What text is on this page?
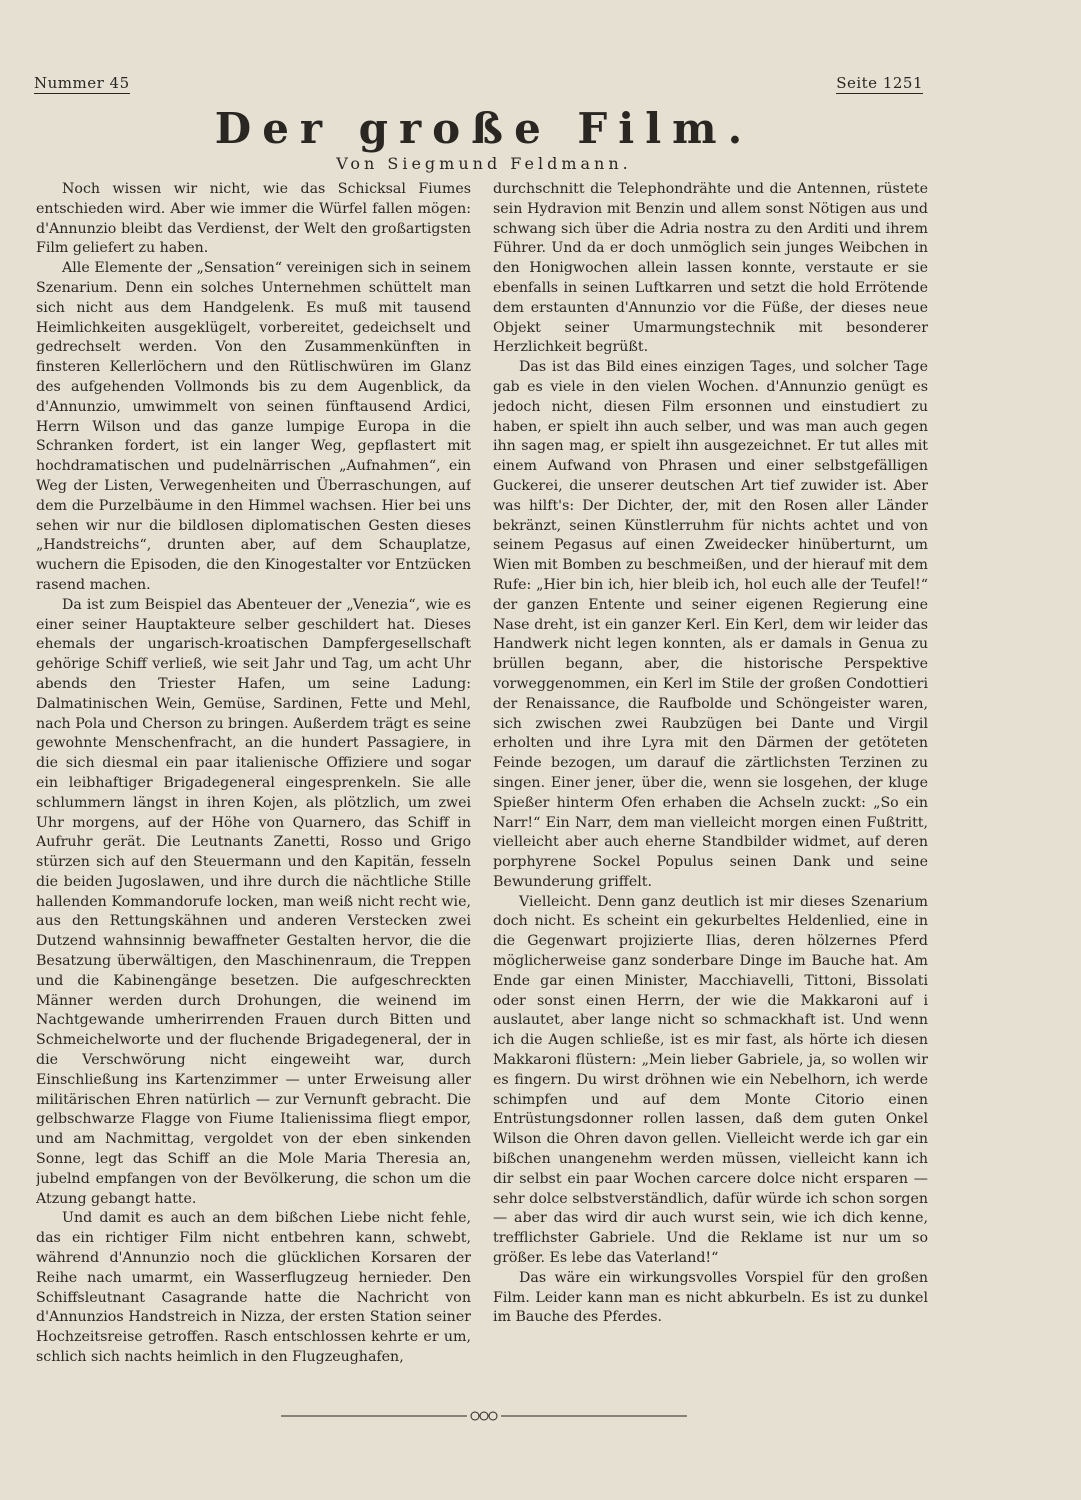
Nummer 45	Seite 1251
Der große Film.
Von Siegmund Feldmann.

Noch wissen wir nicht, wie das Schicksal Fiumes entschieden wird. Aber wie immer die Würfel fallen mögen: d'Annunzio bleibt das Verdienst, der Welt den großartigsten Film geliefert zu haben.

Alle Elemente der „Sensation“ vereinigen sich in seinem Szenarium. Denn ein solches Unternehmen schüttelt man sich nicht aus dem Handgelenk. Es muß mit tausend Heimlichkeiten ausgeklügelt, vorbereitet, gedeichselt und gedrechselt werden. Von den Zusammenkünften in finsteren Kellerlöchern und den Rütlischwüren im Glanz des aufgehenden Vollmonds bis zu dem Augenblick, da d'Annunzio, umwimmelt von seinen fünftausend Ardici, Herrn Wilson und das ganze lumpige Europa in die Schranken fordert, ist ein langer Weg, gepflastert mit hochdramatischen und pudelnärrischen „Aufnahmen“, ein Weg der Listen, Verwegenheiten und Überraschungen, auf dem die Purzelbäume in den Himmel wachsen. Hier bei uns sehen wir nur die bildlosen diplomatischen Gesten dieses „Handstreichs“, drunten aber, auf dem Schauplatze, wuchern die Episoden, die den Kinogestalter vor Entzücken rasend machen.

Da ist zum Beispiel das Abenteuer der „Venezia“, wie es einer seiner Hauptakteure selber geschildert hat. Dieses ehemals der ungarisch-kroatischen Dampfergesellschaft gehörige Schiff verließ, wie seit Jahr und Tag, um acht Uhr abends den Triester Hafen, um seine Ladung: Dalmatinischen Wein, Gemüse, Sardinen, Fette und Mehl, nach Pola und Cherson zu bringen. Außerdem trägt es seine gewohnte Menschenfracht, an die hundert Passagiere, in die sich diesmal ein paar italienische Offiziere und sogar ein leibhaftiger Brigadegeneral eingesprenkeln. Sie alle schlummern längst in ihren Kojen, als plötzlich, um zwei Uhr morgens, auf der Höhe von Quarnero, das Schiff in Aufruhr gerät. Die Leutnants Zanetti, Rosso und Grigo stürzen sich auf den Steuermann und den Kapitän, fesseln die beiden Jugoslawen, und ihre durch die nächtliche Stille hallenden Kommandorufe locken, man weiß nicht recht wie, aus den Rettungskähnen und anderen Verstecken zwei Dutzend wahnsinnig bewaffneter Gestalten hervor, die die Besatzung überwältigen, den Maschinenraum, die Treppen und die Kabinengänge besetzen. Die aufgeschreckten Männer werden durch Drohungen, die weinend im Nachtgewande umherirrenden Frauen durch Bitten und Schmeichelworte und der fluchende Brigadegeneral, der in die Verschwörung nicht eingeweiht war, durch Einschließung ins Kartenzimmer — unter Erweisung aller militärischen Ehren natürlich — zur Vernunft gebracht. Die gelbschwarze Flagge von Fiume Italienissima fliegt empor, und am Nachmittag, vergoldet von der eben sinkenden Sonne, legt das Schiff an die Mole Maria Theresia an, jubelnd empfangen von der Bevölkerung, die schon um die Atzung gebangt hatte.

Und damit es auch an dem bißchen Liebe nicht fehle, das ein richtiger Film nicht entbehren kann, schwebt, während d'Annunzio noch die glücklichen Korsaren der Reihe nach umarmt, ein Wasserflugzeug hernieder. Den Schiffsleutnant Casagrande hatte die Nachricht von d'Annunzios Handstreich in Nizza, der ersten Station seiner Hochzeitsreise getroffen. Rasch entschlossen kehrte er um, schlich sich nachts heimlich in den Flugzeughafen,

durchschnitt die Telephondrähte und die Antennen, rüstete sein Hydravion mit Benzin und allem sonst Nötigen aus und schwang sich über die Adria nostra zu den Arditi und ihrem Führer. Und da er doch unmöglich sein junges Weibchen in den Honigwochen allein lassen konnte, verstaute er sie ebenfalls in seinen Luftkarren und setzt die hold Errötende dem erstaunten d'Annunzio vor die Füße, der dieses neue Objekt seiner Umarmungstechnik mit besonderer Herzlichkeit begrüßt.

Das ist das Bild eines einzigen Tages, und solcher Tage gab es viele in den vielen Wochen. d'Annunzio genügt es jedoch nicht, diesen Film ersonnen und einstudiert zu haben, er spielt ihn auch selber, und was man auch gegen ihn sagen mag, er spielt ihn ausgezeichnet. Er tut alles mit einem Aufwand von Phrasen und einer selbstgefälligen Guckerei, die unserer deutschen Art tief zuwider ist. Aber was hilft's: Der Dichter, der, mit den Rosen aller Länder bekränzt, seinen Künstlerruhm für nichts achtet und von seinem Pegasus auf einen Zweidecker hinüberturnt, um Wien mit Bomben zu beschmeißen, und der hierauf mit dem Rufe: „Hier bin ich, hier bleib ich, hol euch alle der Teufel!“ der ganzen Entente und seiner eigenen Regierung eine Nase dreht, ist ein ganzer Kerl. Ein Kerl, dem wir leider das Handwerk nicht legen konnten, als er damals in Genua zu brüllen begann, aber, die historische Perspektive vorweggenommen, ein Kerl im Stile der großen Condottieri der Renaissance, die Raufbolde und Schöngeister waren, sich zwischen zwei Raubzügen bei Dante und Virgil erholten und ihre Lyra mit den Därmen der getöteten Feinde bezogen, um darauf die zärtlichsten Terzinen zu singen. Einer jener, über die, wenn sie losgehen, der kluge Spießer hinterm Ofen erhaben die Achseln zuckt: „So ein Narr!“ Ein Narr, dem man vielleicht morgen einen Fußtritt, vielleicht aber auch eherne Standbilder widmet, auf deren porphyrene Sockel Populus seinen Dank und seine Bewunderung griffelt.

Vielleicht. Denn ganz deutlich ist mir dieses Szenarium doch nicht. Es scheint ein gekurbeltes Heldenlied, eine in die Gegenwart projizierte Ilias, deren hölzernes Pferd möglicherweise ganz sonderbare Dinge im Bauche hat. Am Ende gar einen Minister, Macchiavelli, Tittoni, Bissolati oder sonst einen Herrn, der wie die Makkaroni auf i auslautet, aber lange nicht so schmackhaft ist. Und wenn ich die Augen schließe, ist es mir fast, als hörte ich diesen Makkaroni flüstern: „Mein lieber Gabriele, ja, so wollen wir es fingern. Du wirst dröhnen wie ein Nebelhorn, ich werde schimpfen und auf dem Monte Citorio einen Entrüstungsdonner rollen lassen, daß dem guten Onkel Wilson die Ohren davon gellen. Vielleicht werde ich gar ein bißchen unangenehm werden müssen, vielleicht kann ich dir selbst ein paar Wochen carcere dolce nicht ersparen — sehr dolce selbstverständlich, dafür würde ich schon sorgen — aber das wird dir auch wurst sein, wie ich dich kenne, trefflichster Gabriele. Und die Reklame ist nur um so größer. Es lebe das Vaterland!“

Das wäre ein wirkungsvolles Vorspiel für den großen Film. Leider kann man es nicht abkurbeln. Es ist zu dunkel im Bauche des Pferdes.
